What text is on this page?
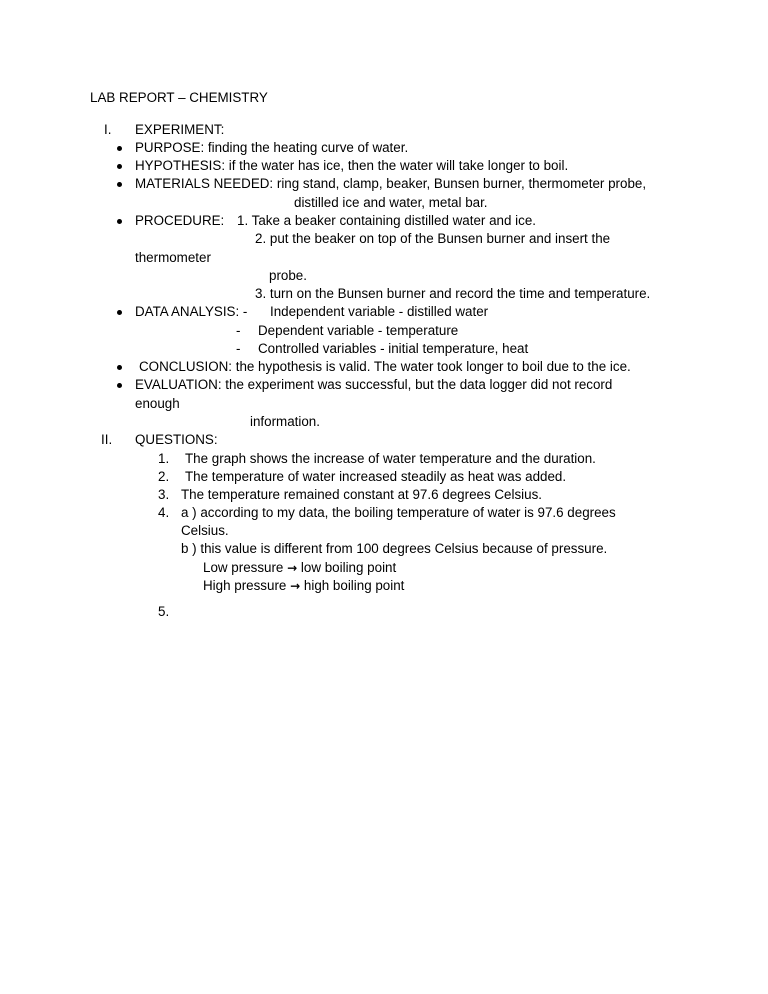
LAB REPORT – CHEMISTRY

I. EXPERIMENT:

PURPOSE: finding the heating curve of water.

HYPOTHESIS: if the water has ice, then the water will take longer to boil.

MATERIALS NEEDED: ring stand, clamp, beaker, Bunsen burner, thermometer probe,

distilled ice and water, metal bar.

PROCEDURE: 1. Take a beaker containing distilled water and ice.

2. put the beaker on top of the Bunsen burner and insert the

thermometer

probe.

3. turn on the Bunsen burner and record the time and temperature.

DATA ANALYSIS: - Independent variable - distilled water

- Dependent variable - temperature

- Controlled variables - initial temperature, heat

CONCLUSION: the hypothesis is valid. The water took longer to boil due to the ice.

EVALUATION: the experiment was successful, but the data logger did not record

enough

information.

II. QUESTIONS:

1. The graph shows the increase of water temperature and the duration.

2. The temperature of water increased steadily as heat was added.

3. The temperature remained constant at 97.6 degrees Celsius.

4. a ) according to my data, the boiling temperature of water is 97.6 degrees

Celsius.

b ) this value is different from 100 degrees Celsius because of pressure.

Low pressure → low boiling point

High pressure → high boiling point

5.
